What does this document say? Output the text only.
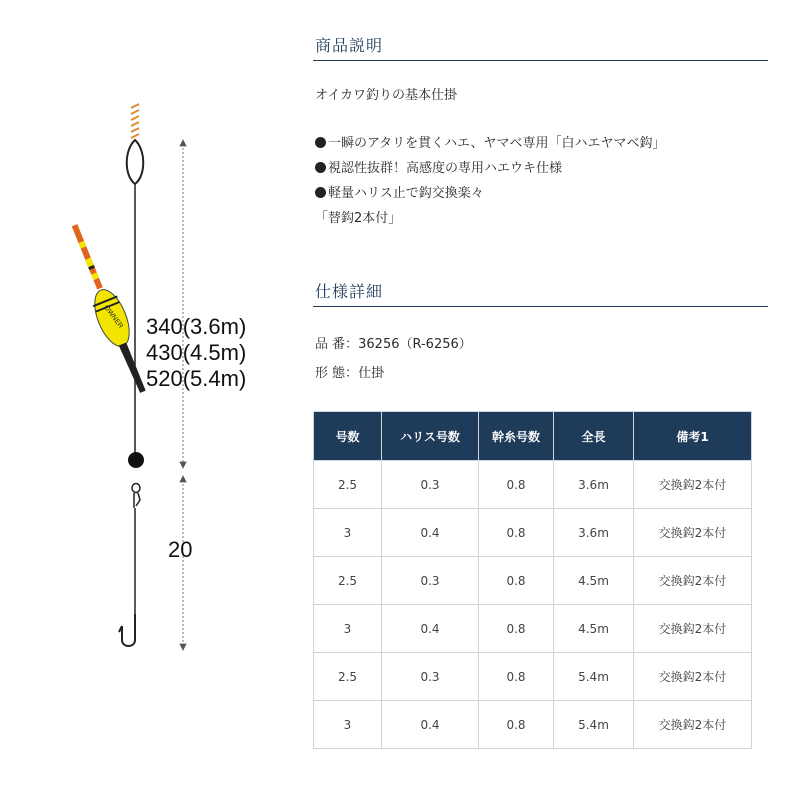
OWNER 340(3.6m)
430(4.5m)
520(5.4m)
20
商品説明
オイカワ釣りの基本仕掛
一瞬のアタリを貫くハエ、ヤマベ専用「白ハエヤマベ鈎」
視認性抜群！高感度の専用ハエウキ仕様
軽量ハリス止で鈎交換楽々
「替鈎2本付」
仕様詳細
品 番：36256（R-6256）
形 態：仕掛
号数	ハリス号数	幹糸号数	全長	備考1
2.5	0.3	0.8	3.6m	交換鈎2本付
3	0.4	0.8	3.6m	交換鈎2本付
2.5	0.3	0.8	4.5m	交換鈎2本付
3	0.4	0.8	4.5m	交換鈎2本付
2.5	0.3	0.8	5.4m	交換鈎2本付
3	0.4	0.8	5.4m	交換鈎2本付
